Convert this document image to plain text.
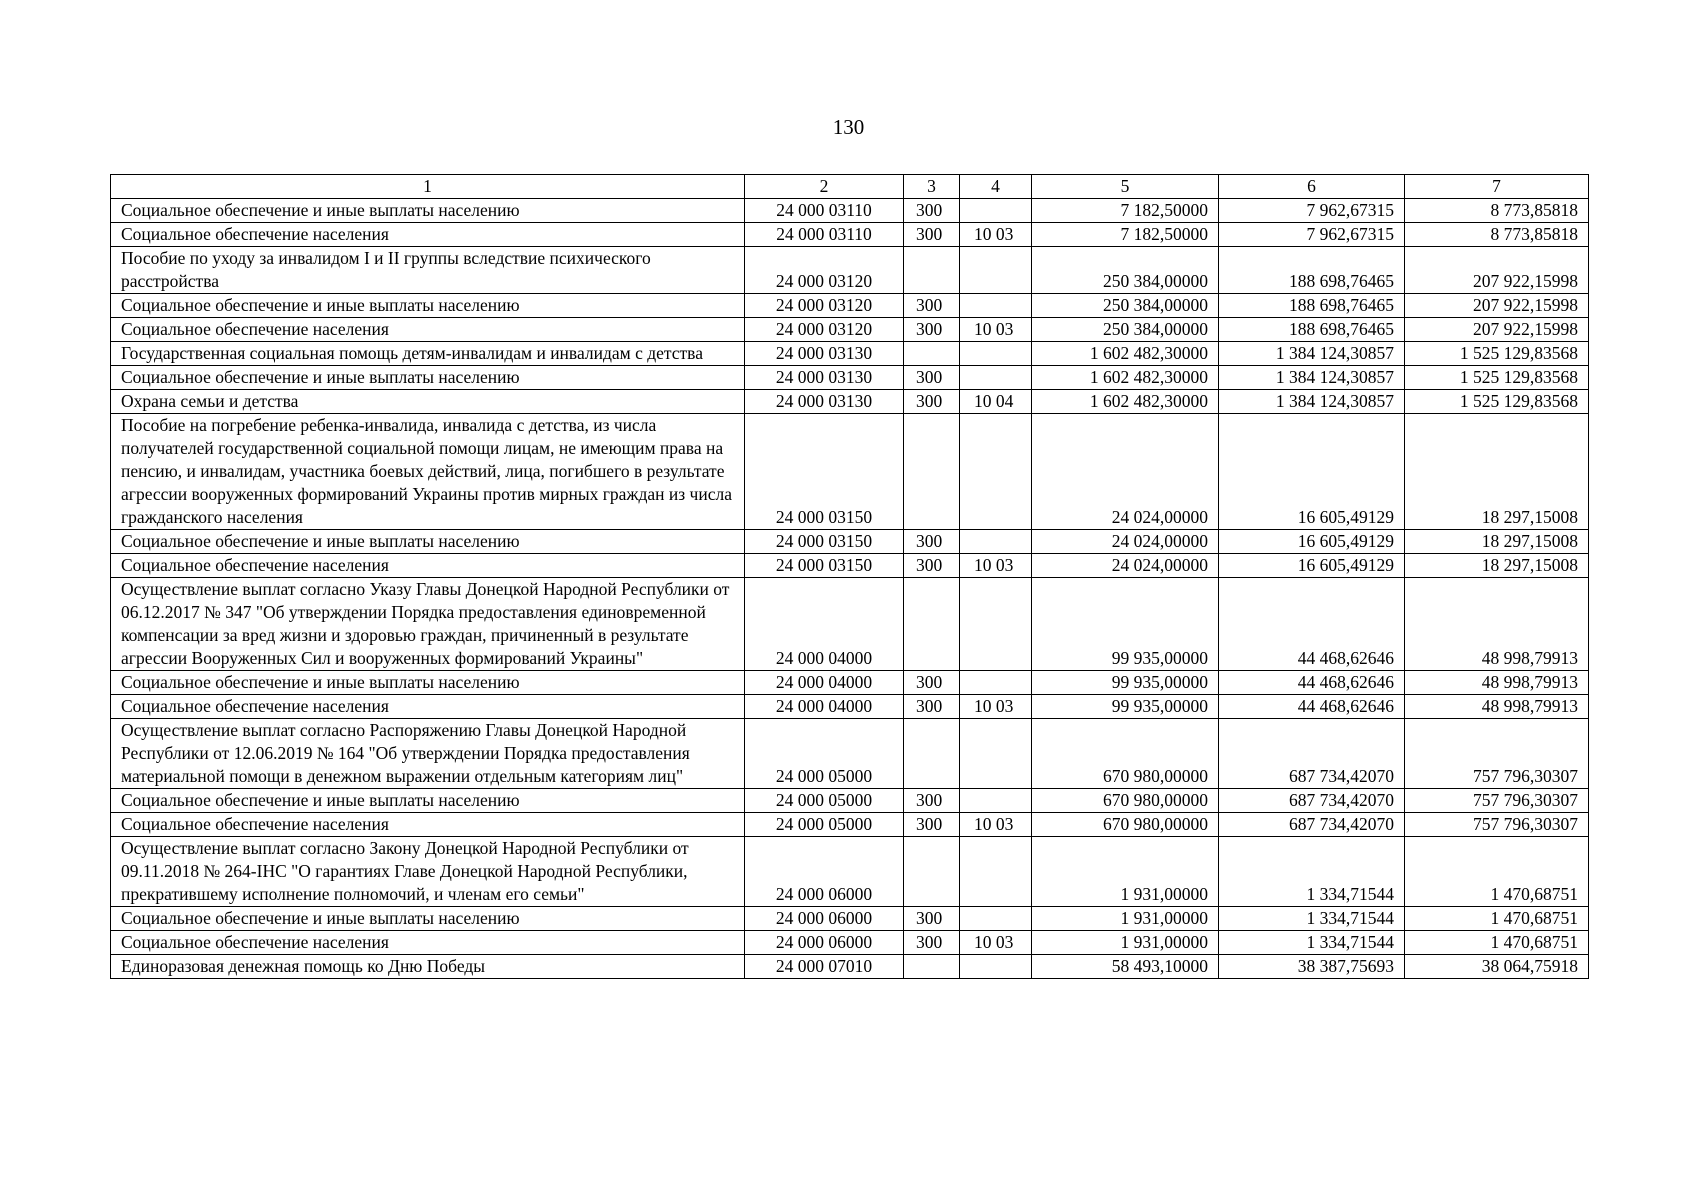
130
1	2	3	4	5	6	7
Социальное обеспечение и иные выплаты населению	24 000 03110	300		7 182,50000	7 962,67315	8 773,85818
Социальное обеспечение населения	24 000 03110	300	10 03	7 182,50000	7 962,67315	8 773,85818
Пособие по уходу за инвалидом I и II группы вследствие психического расстройства	24 000 03120			250 384,00000	188 698,76465	207 922,15998
Социальное обеспечение и иные выплаты населению	24 000 03120	300		250 384,00000	188 698,76465	207 922,15998
Социальное обеспечение населения	24 000 03120	300	10 03	250 384,00000	188 698,76465	207 922,15998
Государственная социальная помощь детям-инвалидам и инвалидам с детства	24 000 03130			1 602 482,30000	1 384 124,30857	1 525 129,83568
Социальное обеспечение и иные выплаты населению	24 000 03130	300		1 602 482,30000	1 384 124,30857	1 525 129,83568
Охрана семьи и детства	24 000 03130	300	10 04	1 602 482,30000	1 384 124,30857	1 525 129,83568
Пособие на погребение ребенка-инвалида, инвалида с детства, из числа получателей государственной социальной помощи лицам, не имеющим права на пенсию, и инвалидам, участника боевых действий, лица, погибшего в результате агрессии вооруженных формирований Украины против мирных граждан из числа гражданского населения	24 000 03150			24 024,00000	16 605,49129	18 297,15008
Социальное обеспечение и иные выплаты населению	24 000 03150	300		24 024,00000	16 605,49129	18 297,15008
Социальное обеспечение населения	24 000 03150	300	10 03	24 024,00000	16 605,49129	18 297,15008
Осуществление выплат согласно Указу Главы Донецкой Народной Республики от 06.12.2017 № 347 "Об утверждении Порядка предоставления единовременной компенсации за вред жизни и здоровью граждан, причиненный в результате агрессии Вооруженных Сил и вооруженных формирований Украины"	24 000 04000			99 935,00000	44 468,62646	48 998,79913
Социальное обеспечение и иные выплаты населению	24 000 04000	300		99 935,00000	44 468,62646	48 998,79913
Социальное обеспечение населения	24 000 04000	300	10 03	99 935,00000	44 468,62646	48 998,79913
Осуществление выплат согласно Распоряжению Главы Донецкой Народной Республики от 12.06.2019 № 164 "Об утверждении Порядка предоставления материальной помощи в денежном выражении отдельным категориям лиц"	24 000 05000			670 980,00000	687 734,42070	757 796,30307
Социальное обеспечение и иные выплаты населению	24 000 05000	300		670 980,00000	687 734,42070	757 796,30307
Социальное обеспечение населения	24 000 05000	300	10 03	670 980,00000	687 734,42070	757 796,30307
Осуществление выплат согласно Закону Донецкой Народной Республики от 09.11.2018 № 264-IНС "О гарантиях Главе Донецкой Народной Республики, прекратившему исполнение полномочий, и членам его семьи"	24 000 06000			1 931,00000	1 334,71544	1 470,68751
Социальное обеспечение и иные выплаты населению	24 000 06000	300		1 931,00000	1 334,71544	1 470,68751
Социальное обеспечение населения	24 000 06000	300	10 03	1 931,00000	1 334,71544	1 470,68751
Единоразовая денежная помощь ко Дню Победы	24 000 07010			58 493,10000	38 387,75693	38 064,75918
